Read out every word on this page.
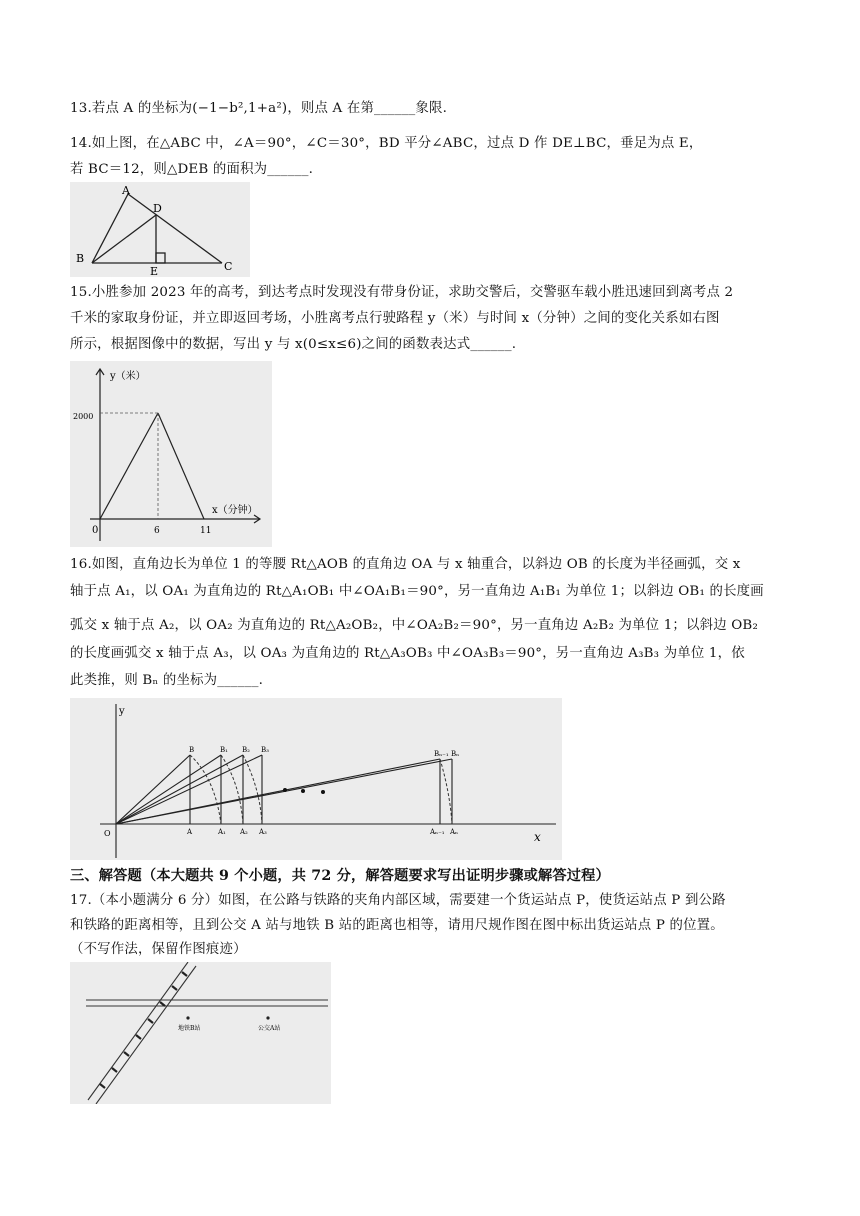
13.若点 A 的坐标为(−1−b²,1+a²)，则点 A 在第______象限.
14.如上图，在△ABC 中，∠A＝90°，∠C＝30°，BD 平分∠ABC，过点 D 作 DE⊥BC，垂足为点 E，
若 BC＝12，则△DEB 的面积为______.
A
D
B
E	C
15.小胜参加 2023 年的高考，到达考点时发现没有带身份证，求助交警后，交警驱车载小胜迅速回到离考点 2
千米的家取身份证，并立即返回考场，小胜离考点行驶路程 y（米）与时间 x（分钟）之间的变化关系如右图
所示，根据图像中的数据，写出 y 与 x(0≤x≤6)之间的函数表达式______.
y（米）
2000
0	6	11
x（分钟）
16.如图，直角边长为单位 1 的等腰 Rt△AOB 的直角边 OA 与 x 轴重合，以斜边 OB 的长度为半径画弧，交 x
轴于点 A₁，以 OA₁ 为直角边的 Rt△A₁OB₁ 中∠OA₁B₁＝90°，另一直角边 A₁B₁ 为单位 1；以斜边 OB₁ 的长度画
弧交 x 轴于点 A₂，以 OA₂ 为直角边的 Rt△A₂OB₂，中∠OA₂B₂＝90°，另一直角边 A₂B₂ 为单位 1；以斜边 OB₂
的长度画弧交 x 轴于点 A₃，以 OA₃ 为直角边的 Rt△A₃OB₃ 中∠OA₃B₃＝90°，另一直角边 A₃B₃ 为单位 1，依
此类推，则 Bₙ 的坐标为______.
y
x
O	A	A₁ A₂ A₃	Aₙ₋₁ Aₙ
B	B₁ B₂ B₃	Bₙ₋₁ Bₙ
三、解答题（本大题共 9 个小题，共 72 分，解答题要求写出证明步骤或解答过程）
17.（本小题满分 6 分）如图，在公路与铁路的夹角内部区域，需要建一个货运站点 P，使货运站点 P 到公路
和铁路的距离相等，且到公交 A 站与地铁 B 站的距离也相等，请用尺规作图在图中标出货运站点 P 的位置。
（不写作法，保留作图痕迹）
地铁B站	公交A站
